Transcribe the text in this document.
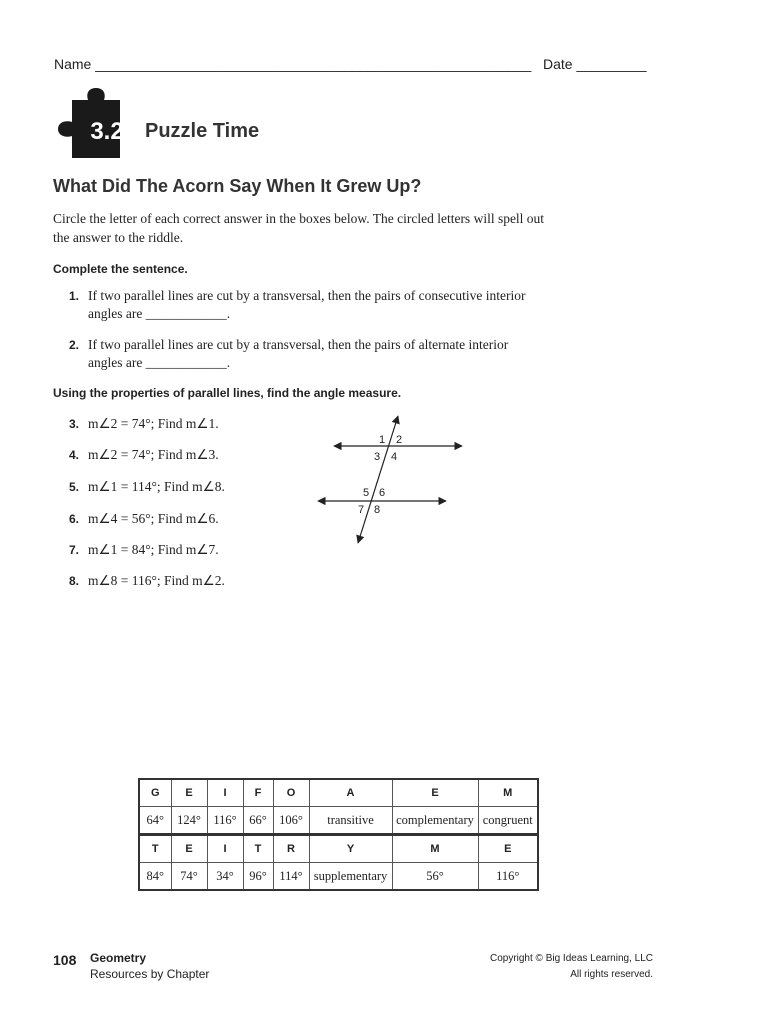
Name ________________________________________________________ Date _________
3.2	Puzzle Time
What Did The Acorn Say When It Grew Up?
Circle the letter of each correct answer in the boxes below. The circled letters will spell out the answer to the riddle.
Complete the sentence.
1. If two parallel lines are cut by a transversal, then the pairs of consecutive interior
angles are ____________.
2. If two parallel lines are cut by a transversal, then the pairs of alternate interior
angles are ____________.
Using the properties of parallel lines, find the angle measure.
3. m∠2 = 74°; Find m∠1.
4. m∠2 = 74°; Find m∠3.
5. m∠1 = 114°; Find m∠8.
6. m∠4 = 56°; Find m∠6.
7. m∠1 = 84°; Find m∠7.
8. m∠8 = 116°; Find m∠2.
1 2
3 4
5 6
7 8
G	E	I	F	O	A	E	M
64°	124°	116°	66°	106°	transitive	complementary	congruent
T	E	I	T	R	Y	M	E
84°	74°	34°	96°	114°	supplementary	56°	116°
108 Geometry
Resources by Chapter
Copyright © Big Ideas Learning, LLC
All rights reserved.
